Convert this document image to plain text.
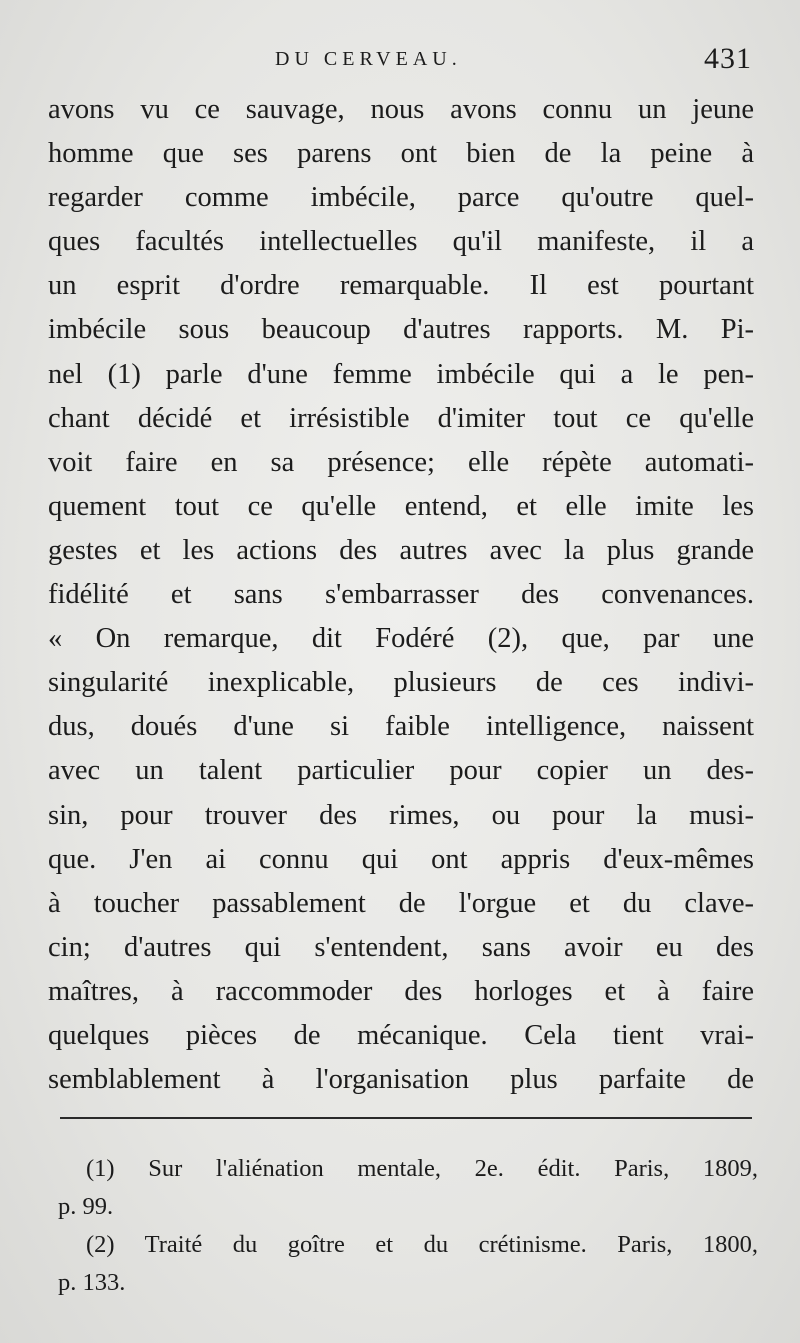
DU CERVEAU.	431
avons vu ce sauvage, nous avons connu un jeune
homme que ses parens ont bien de la peine à
regarder comme imbécile, parce qu'outre quel-
ques facultés intellectuelles qu'il manifeste, il a
un esprit d'ordre remarquable. Il est pourtant
imbécile sous beaucoup d'autres rapports. M. Pi-
nel (1) parle d'une femme imbécile qui a le pen-
chant décidé et irrésistible d'imiter tout ce qu'elle
voit faire en sa présence; elle répète automati-
quement tout ce qu'elle entend, et elle imite les
gestes et les actions des autres avec la plus grande
fidélité et sans s'embarrasser des convenances.
« On remarque, dit Fodéré (2), que, par une
singularité inexplicable, plusieurs de ces indivi-
dus, doués d'une si faible intelligence, naissent
avec un talent particulier pour copier un des-
sin, pour trouver des rimes, ou pour la musi-
que. J'en ai connu qui ont appris d'eux-mêmes
à toucher passablement de l'orgue et du clave-
cin; d'autres qui s'entendent, sans avoir eu des
maîtres, à raccommoder des horloges et à faire
quelques pièces de mécanique. Cela tient vrai-
semblablement à l'organisation plus parfaite de
(1) Sur l'aliénation mentale, 2e. édit. Paris, 1809,
p. 99.
(2) Traité du goître et du crétinisme. Paris, 1800,
p. 133.
